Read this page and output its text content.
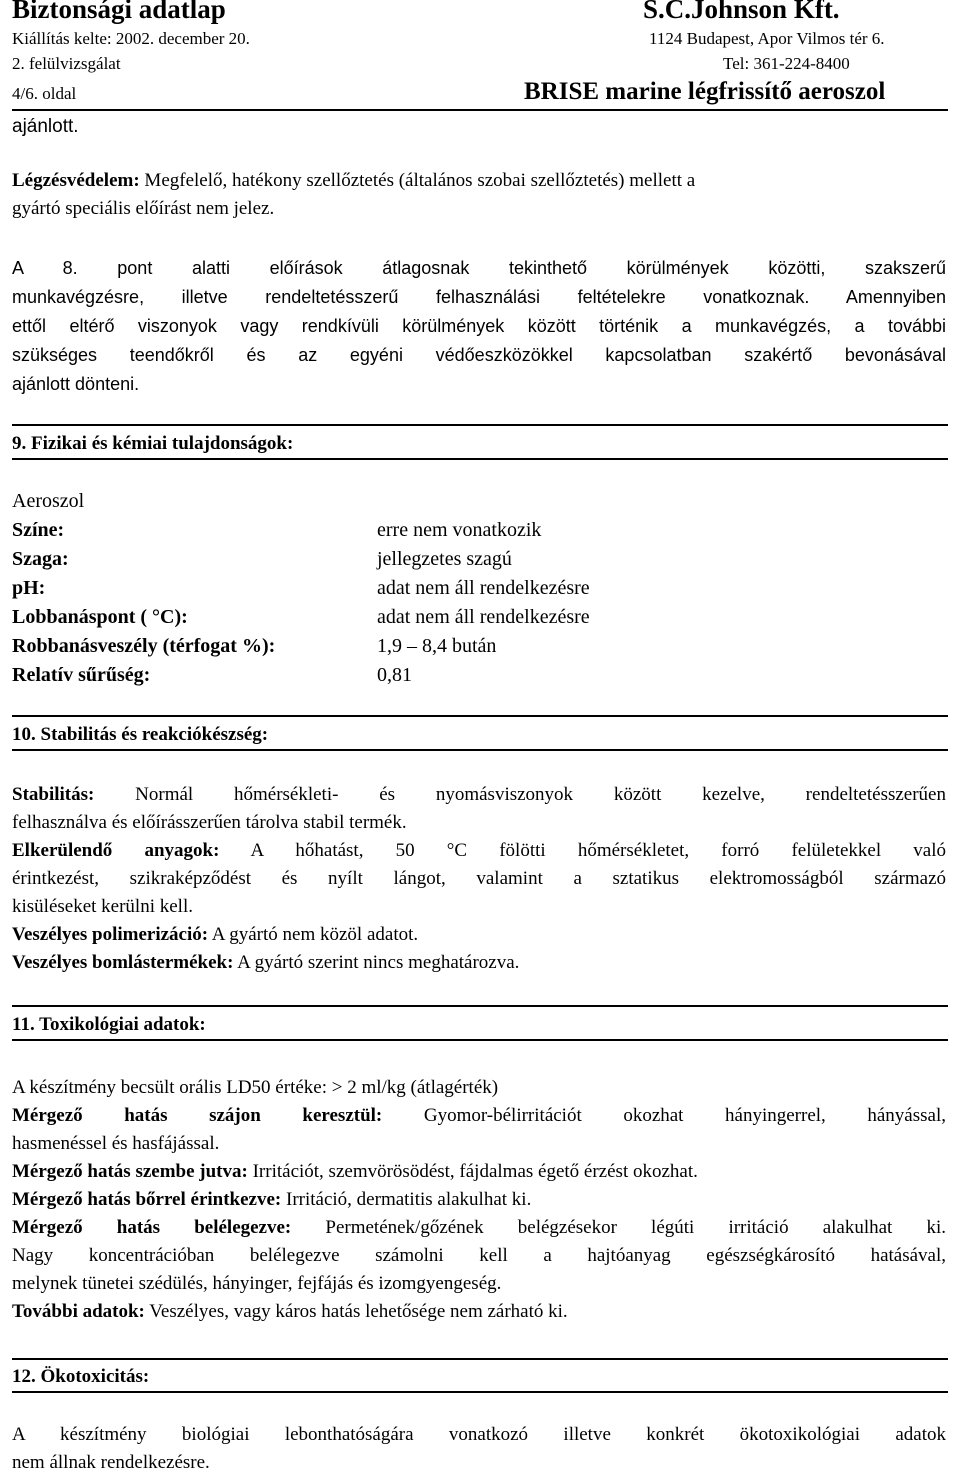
Biztonsági adatlap	S.C.Johnson Kft.
Kiállítás kelte: 2002. december 20.	1124 Budapest, Apor Vilmos tér 6.
2. felülvizsgálat	Tel: 361-224-8400
4/6. oldal	BRISE marine légfrissítő aeroszol
ajánlott.
Légzésvédelem: Megfelelő, hatékony szellőztetés (általános szobai szellőztetés) mellett a
gyártó speciális előírást nem jelez.
A 8. pont alatti előírások átlagosnak tekinthető körülmények közötti, szakszerű
munkavégzésre, illetve rendeltetésszerű felhasználási feltételekre vonatkoznak. Amennyiben
ettől eltérő viszonyok vagy rendkívüli körülmények között történik a munkavégzés, a további
szükséges teendőkről és az egyéni védőeszközökkel kapcsolatban szakértő bevonásával
ajánlott dönteni.
9. Fizikai és kémiai tulajdonságok:
Aeroszol
Színe:	erre nem vonatkozik
Szaga:	jellegzetes szagú
pH:	adat nem áll rendelkezésre
Lobbanáspont ( °C):	adat nem áll rendelkezésre
Robbanásveszély (térfogat %):	1,9 – 8,4 bután
Relatív sűrűség:	0,81
10. Stabilitás és reakciókészség:
Stabilitás: Normál hőmérsékleti- és nyomásviszonyok között kezelve, rendeltetésszerűen
felhasználva és előírásszerűen tárolva stabil termék.
Elkerülendő anyagok: A hőhatást, 50 °C fölötti hőmérsékletet, forró felületekkel való
érintkezést, szikraképződést és nyílt lángot, valamint a sztatikus elektromosságból származó
kisüléseket kerülni kell.
Veszélyes polimerizáció: A gyártó nem közöl adatot.
Veszélyes bomlástermékek: A gyártó szerint nincs meghatározva.
11. Toxikológiai adatok:
A készítmény becsült orális LD50 értéke: > 2 ml/kg (átlagérték)
Mérgező hatás szájon keresztül: Gyomor-bélirritációt okozhat hányingerrel, hányással,
hasmenéssel és hasfájással.
Mérgező hatás szembe jutva: Irritációt, szemvörösödést, fájdalmas égető érzést okozhat.
Mérgező hatás bőrrel érintkezve: Irritáció, dermatitis alakulhat ki.
Mérgező hatás belélegezve: Permetének/gőzének belégzésekor légúti irritáció alakulhat ki.
Nagy koncentrációban belélegezve számolni kell a hajtóanyag egészségkárosító hatásával,
melynek tünetei szédülés, hányinger, fejfájás és izomgyengeség.
További adatok: Veszélyes, vagy káros hatás lehetősége nem zárható ki.
12. Ökotoxicitás:
A készítmény biológiai lebonthatóságára vonatkozó illetve konkrét ökotoxikológiai adatok
nem állnak rendelkezésre.
